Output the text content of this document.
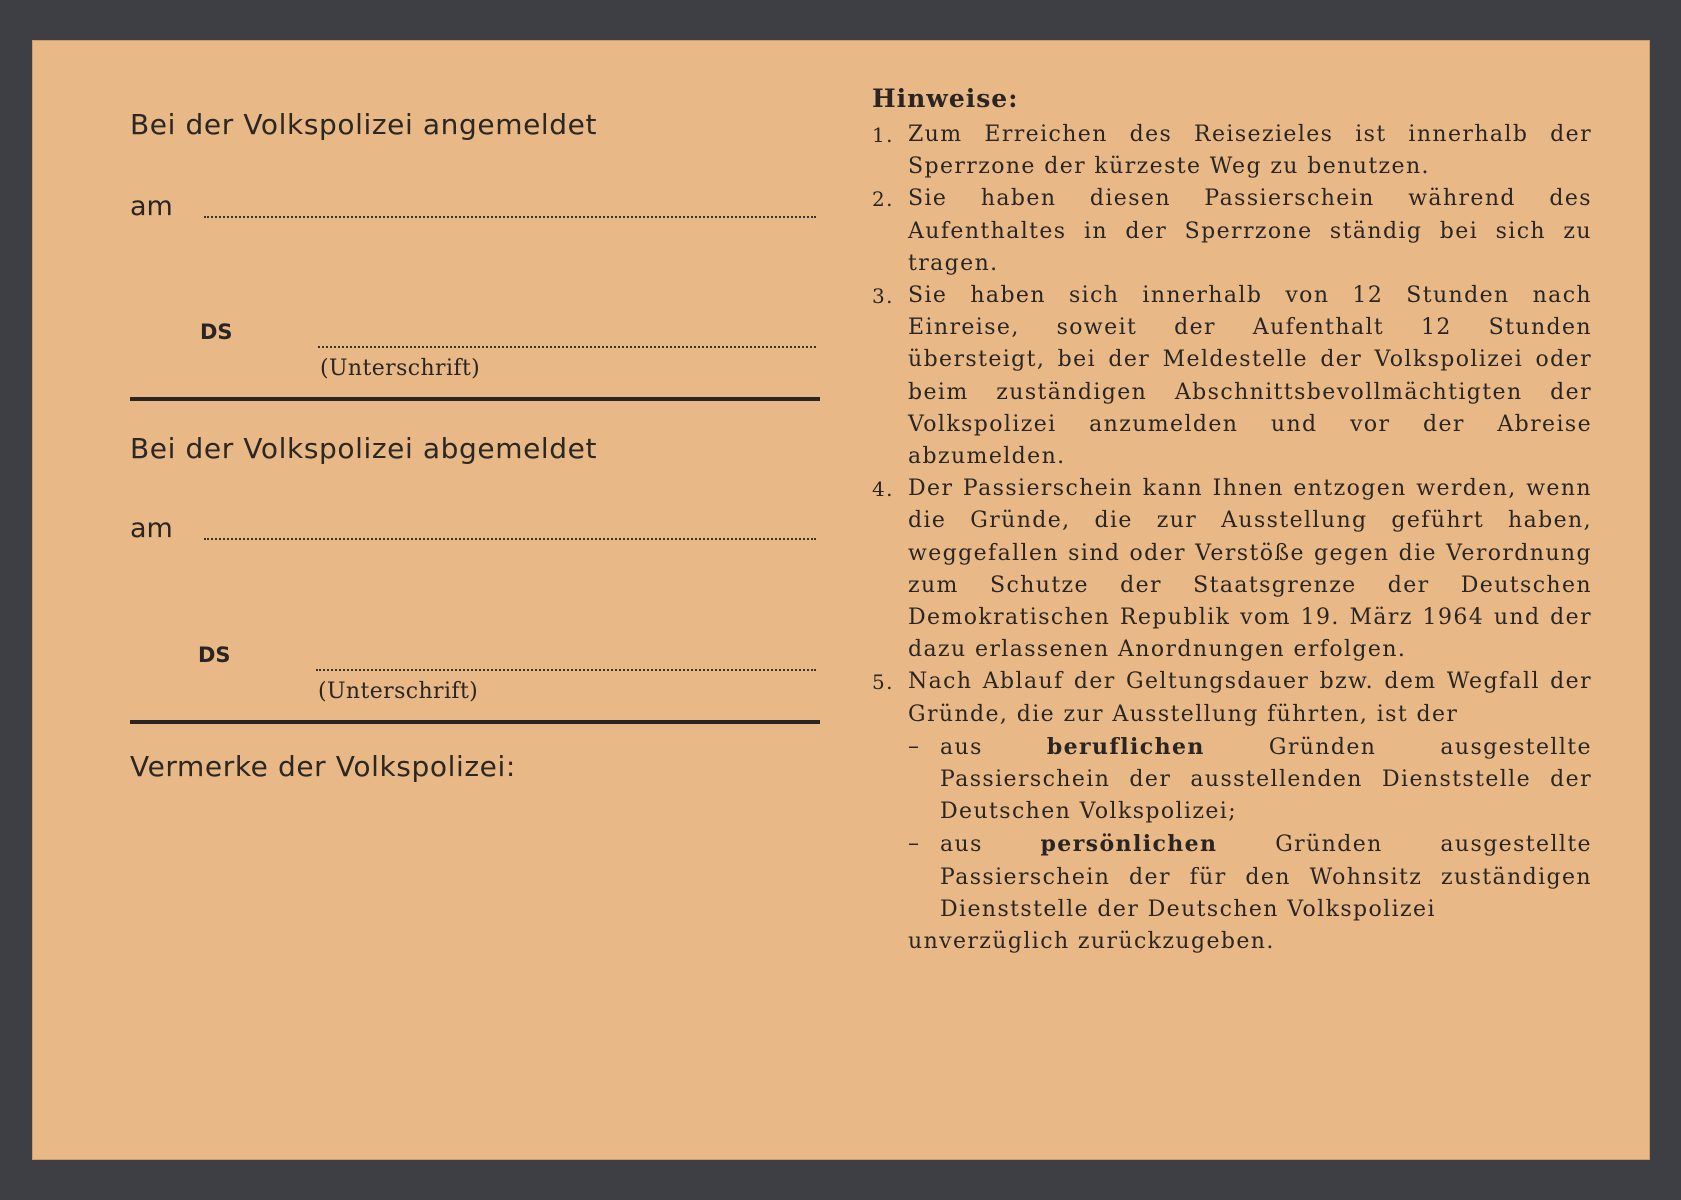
Bei der Volkspolizei angemeldet
am
DS
(Unterschrift)
Bei der Volkspolizei abgemeldet
am
DS
(Unterschrift)
Vermerke der Volkspolizei:
Hinweise:
1. Zum Erreichen des Reisezieles ist innerhalb der Sperrzone der kürzeste Weg zu benutzen.
2. Sie haben diesen Passierschein während des Aufenthaltes in der Sperrzone ständig bei sich zu tragen.
3. Sie haben sich innerhalb von 12 Stunden nach Einreise, soweit der Aufenthalt 12 Stunden übersteigt, bei der Meldestelle der Volkspolizei oder beim zuständigen Abschnittsbevollmächtigten der Volkspolizei anzumelden und vor der Abreise abzumelden.
4. Der Passierschein kann Ihnen entzogen werden, wenn die Gründe, die zur Ausstellung geführt haben, weggefallen sind oder Verstöße gegen die Verordnung zum Schutze der Staatsgrenze der Deutschen Demokratischen Republik vom 19. März 1964 und der dazu erlassenen Anordnungen erfolgen.
5. Nach Ablauf der Geltungsdauer bzw. dem Wegfall der Gründe, die zur Ausstellung führten, ist der
– aus	beruflichen	Gründen ausgestellte Passierschein der ausstellenden Dienststelle der Deutschen Volkspolizei;
– aus	persönlichen	Gründen ausgestellte Passierschein der für den Wohnsitz zuständigen Dienststelle der Deutschen Volkspolizei
unverzüglich zurückzugeben.
